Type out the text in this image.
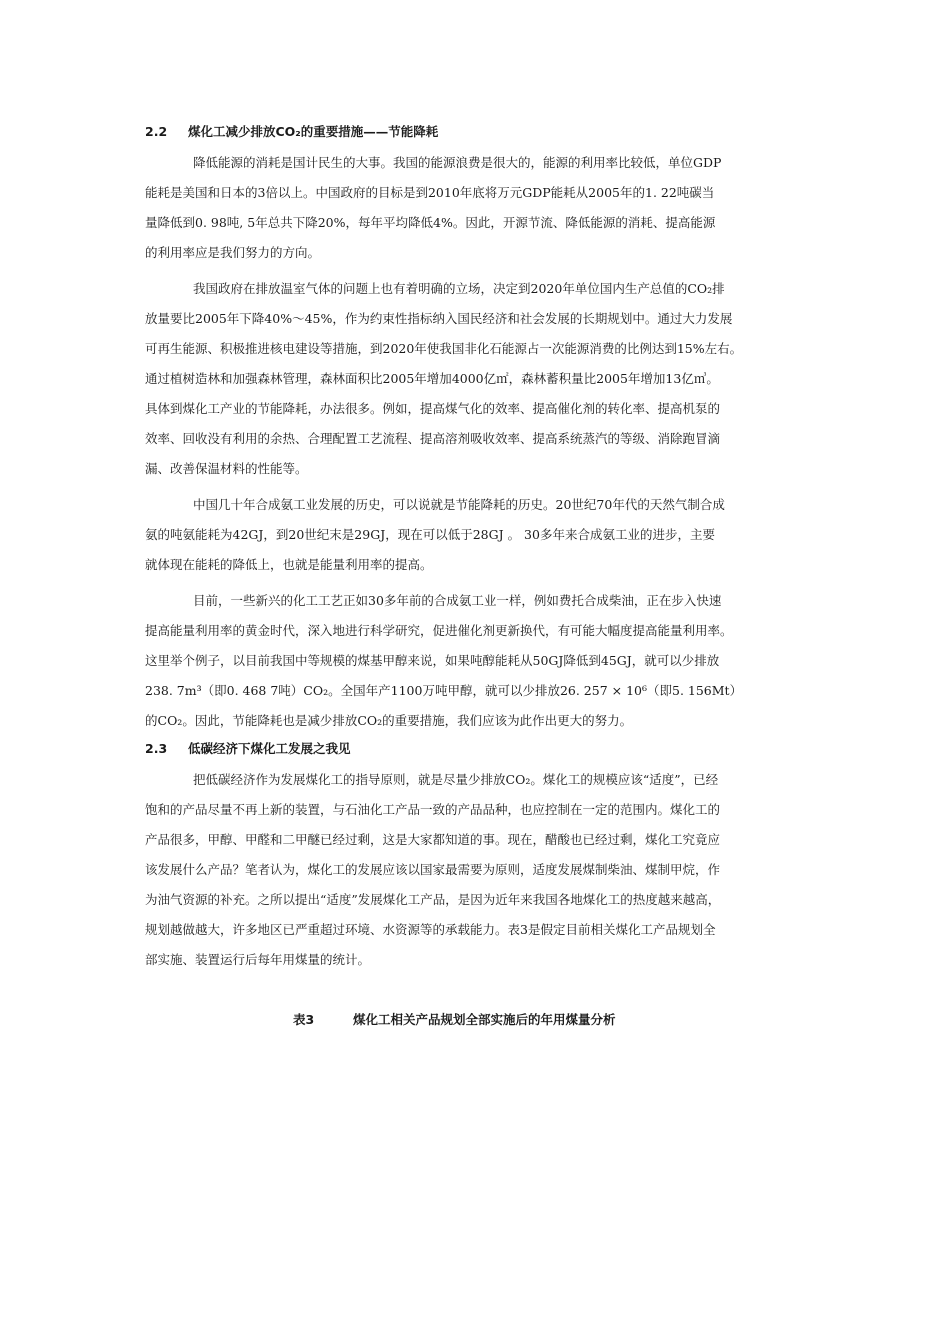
2.2 煤化工减少排放CO₂的重要措施——节能降耗
降低能源的消耗是国计民生的大事。我国的能源浪费是很大的，能源的利用率比较低，单位GDP
能耗是美国和日本的3倍以上。中国政府的目标是到2010年底将万元GDP能耗从2005年的1. 22吨碳当
量降低到0. 98吨, 5年总共下降20%，每年平均降低4%。因此，开源节流、降低能源的消耗、提高能源
的利用率应是我们努力的方向。
我国政府在排放温室气体的问题上也有着明确的立场，决定到2020年单位国内生产总值的CO₂排
放量要比2005年下降40%～45%，作为约束性指标纳入国民经济和社会发展的长期规划中。通过大力发展
可再生能源、积极推进核电建设等措施，到2020年使我国非化石能源占一次能源消费的比例达到15%左右。
通过植树造林和加强森林管理，森林面积比2005年增加4000亿㎡，森林蓄积量比2005年增加13亿㎥。
具体到煤化工产业的节能降耗，办法很多。例如，提高煤气化的效率、提高催化剂的转化率、提高机泵的
效率、回收没有利用的余热、合理配置工艺流程、提高溶剂吸收效率、提高系统蒸汽的等级、消除跑冒滴
漏、改善保温材料的性能等。
中国几十年合成氨工业发展的历史，可以说就是节能降耗的历史。20世纪70年代的天然气制合成
氨的吨氨能耗为42GJ，到20世纪末是29GJ，现在可以低于28GJ 。 30多年来合成氨工业的进步，主要
就体现在能耗的降低上，也就是能量利用率的提高。
目前，一些新兴的化工工艺正如30多年前的合成氨工业一样，例如费托合成柴油，正在步入快速
提高能量利用率的黄金时代，深入地进行科学研究，促进催化剂更新换代，有可能大幅度提高能量利用率。
这里举个例子，以目前我国中等规模的煤基甲醇来说，如果吨醇能耗从50GJ降低到45GJ，就可以少排放
238. 7m³（即0. 468 7吨）CO₂。全国年产1100万吨甲醇，就可以少排放26. 257 × 10⁶（即5. 156Mt）
的CO₂。因此，节能降耗也是减少排放CO₂的重要措施，我们应该为此作出更大的努力。
2.3 低碳经济下煤化工发展之我见
把低碳经济作为发展煤化工的指导原则，就是尽量少排放CO₂。煤化工的规模应该“适度”，已经
饱和的产品尽量不再上新的装置，与石油化工产品一致的产品品种，也应控制在一定的范围内。煤化工的
产品很多，甲醇、甲醛和二甲醚已经过剩，这是大家都知道的事。现在，醋酸也已经过剩，煤化工究竟应
该发展什么产品？笔者认为，煤化工的发展应该以国家最需要为原则，适度发展煤制柴油、煤制甲烷，作
为油气资源的补充。之所以提出“适度”发展煤化工产品，是因为近年来我国各地煤化工的热度越来越高，
规划越做越大，许多地区已严重超过环境、水资源等的承载能力。表3是假定目前相关煤化工产品规划全
部实施、装置运行后每年用煤量的统计。
表3	煤化工相关产品规划全部实施后的年用煤量分析
